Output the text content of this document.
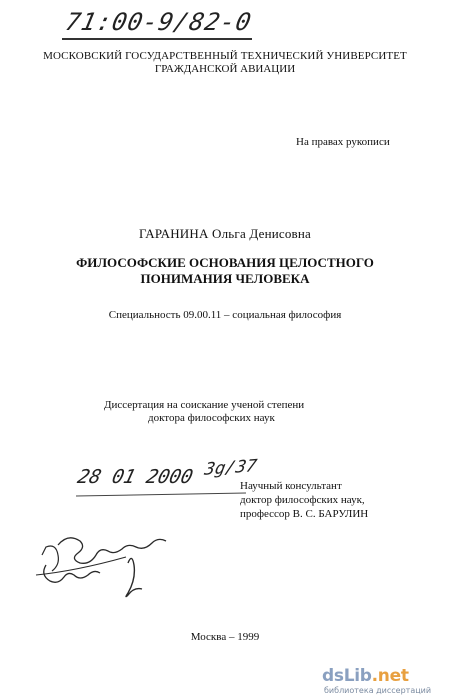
71:00-9/82-0
МОСКОВСКИЙ ГОСУДАРСТВЕННЫЙ ТЕХНИЧЕСКИЙ УНИВЕРСИТЕТ
ГРАЖДАНСКОЙ АВИАЦИИ
На правах рукописи
ГАРАНИНА Ольга Денисовна
ФИЛОСОФСКИЕ ОСНОВАНИЯ ЦЕЛОСТНОГО
ПОНИМАНИЯ ЧЕЛОВЕКА
Специальность 09.00.11 – социальная философия
Диссертация на соискание ученой степени
доктора философских наук
28 01 2000 3g/37
Научный консультант
доктор философских наук,
профессор В. С. БАРУЛИН
Москва – 1999
dsLib.net
библиотека диссертаций
